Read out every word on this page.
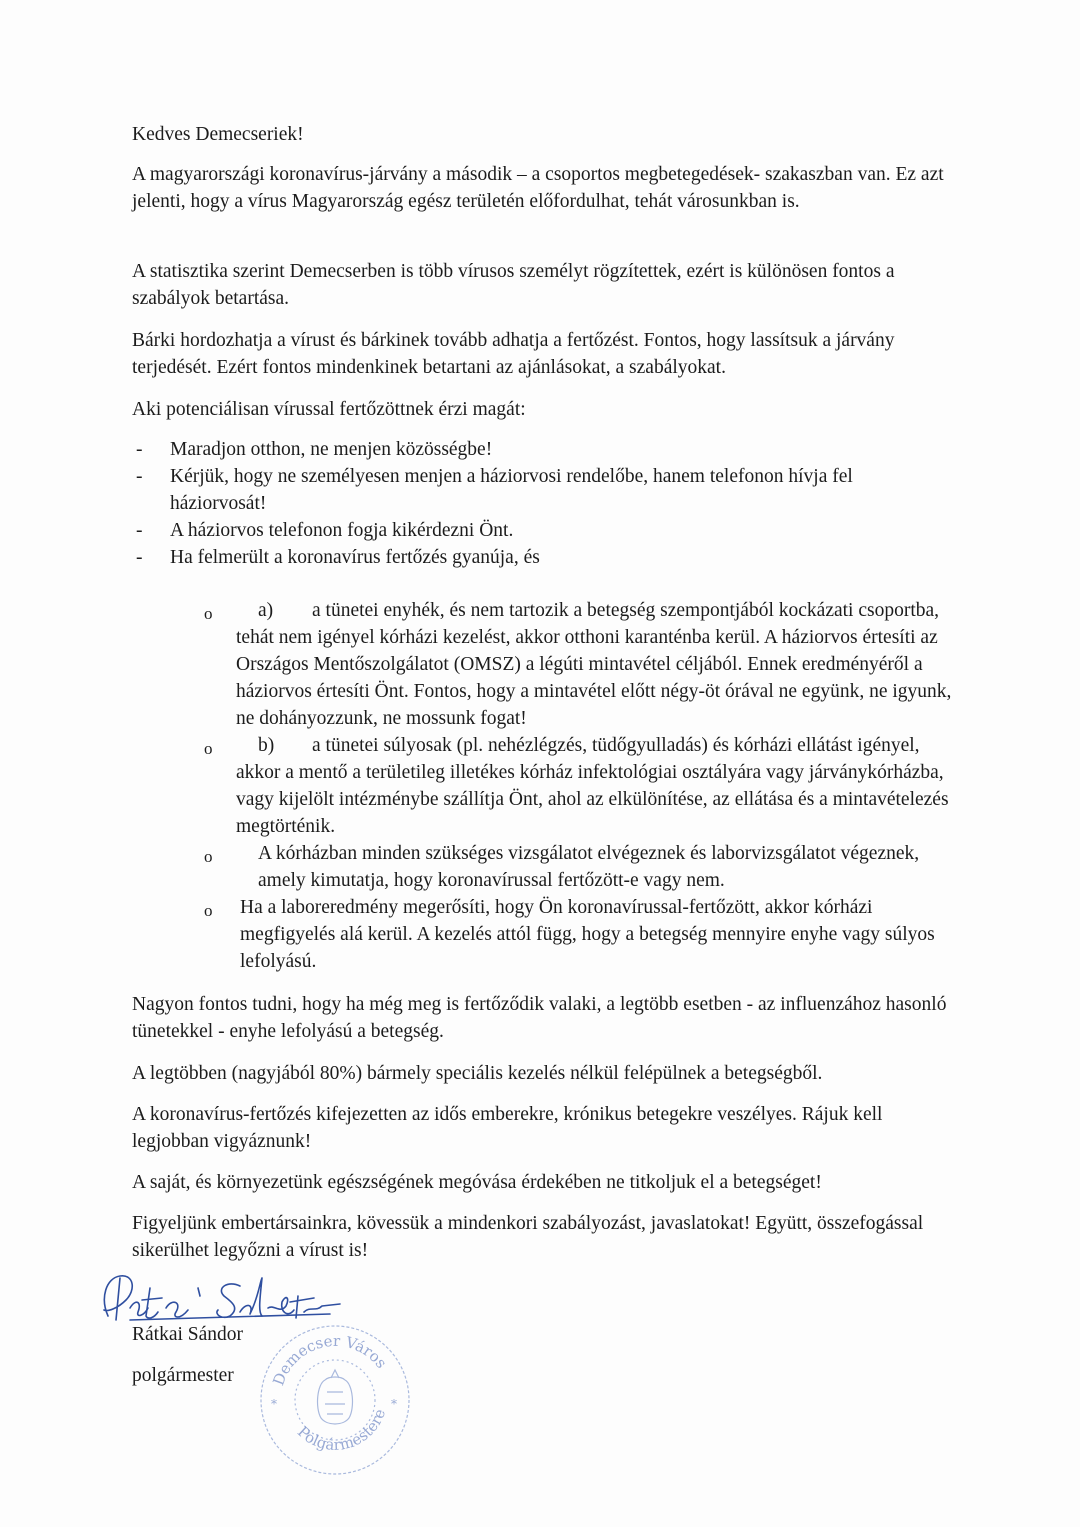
Kedves Demecseriek!

A magyarországi koronavírus-járvány a második – a csoportos megbetegedések- szakaszban van. Ez azt jelenti, hogy a vírus Magyarország egész területén előfordulhat, tehát városunkban is.

A statisztika szerint Demecserben is több vírusos személyt rögzítettek, ezért is különösen fontos a szabályok betartása.

Bárki hordozhatja a vírust és bárkinek tovább adhatja a fertőzést. Fontos, hogy lassítsuk a járvány terjedését. Ezért fontos mindenkinek betartani az ajánlásokat, a szabályokat.

Aki potenciálisan vírussal fertőzöttnek érzi magát:

- Maradjon otthon, ne menjen közösségbe!
- Kérjük, hogy ne személyesen menjen a háziorvosi rendelőbe, hanem telefonon hívja fel háziorvosát!
- A háziorvos telefonon fogja kikérdezni Önt.
- Ha felmerült a koronavírus fertőzés gyanúja, és
o a) a tünetei enyhék, és nem tartozik a betegség szempontjából kockázati csoportba, tehát nem igényel kórházi kezelést, akkor otthoni karanténba kerül. A háziorvos értesíti az Országos Mentőszolgálatot (OMSZ) a légúti mintavétel céljából. Ennek eredményéről a háziorvos értesíti Önt. Fontos, hogy a mintavétel előtt négy-öt órával ne együnk, ne igyunk, ne dohányozzunk, ne mossunk fogat!
o b) a tünetei súlyosak (pl. nehézlégzés, tüdőgyulladás) és kórházi ellátást igényel, akkor a mentő a területileg illetékes kórház infektológiai osztályára vagy járványkórházba, vagy kijelölt intézménybe szállítja Önt, ahol az elkülönítése, az ellátása és a mintavételezés megtörténik.
o A kórházban minden szükséges vizsgálatot elvégeznek és laborvizsgálatot végeznek, amely kimutatja, hogy koronavírussal fertőzött-e vagy nem.
o Ha a laboreredmény megerősíti, hogy Ön koronavírussal-fertőzött, akkor kórházi megfigyelés alá kerül. A kezelés attól függ, hogy a betegség mennyire enyhe vagy súlyos lefolyású.

Nagyon fontos tudni, hogy ha még meg is fertőződik valaki, a legtöbb esetben - az influenzához hasonló tünetekkel - enyhe lefolyású a betegség.

A legtöbben (nagyjából 80%) bármely speciális kezelés nélkül felépülnek a betegségből.

A koronavírus-fertőzés kifejezetten az idős emberekre, krónikus betegekre veszélyes. Rájuk kell legjobban vigyáznunk!

A saját, és környezetünk egészségének megóvása érdekében ne titkoljuk el a betegséget!

Figyeljünk embertársainkra, kövessük a mindenkori szabályozást, javaslatokat! Együtt, összefogással sikerülhet legyőzni a vírust is!

Rátkai Sándor

polgármester Demecser Város
Polgármestere
*	*
